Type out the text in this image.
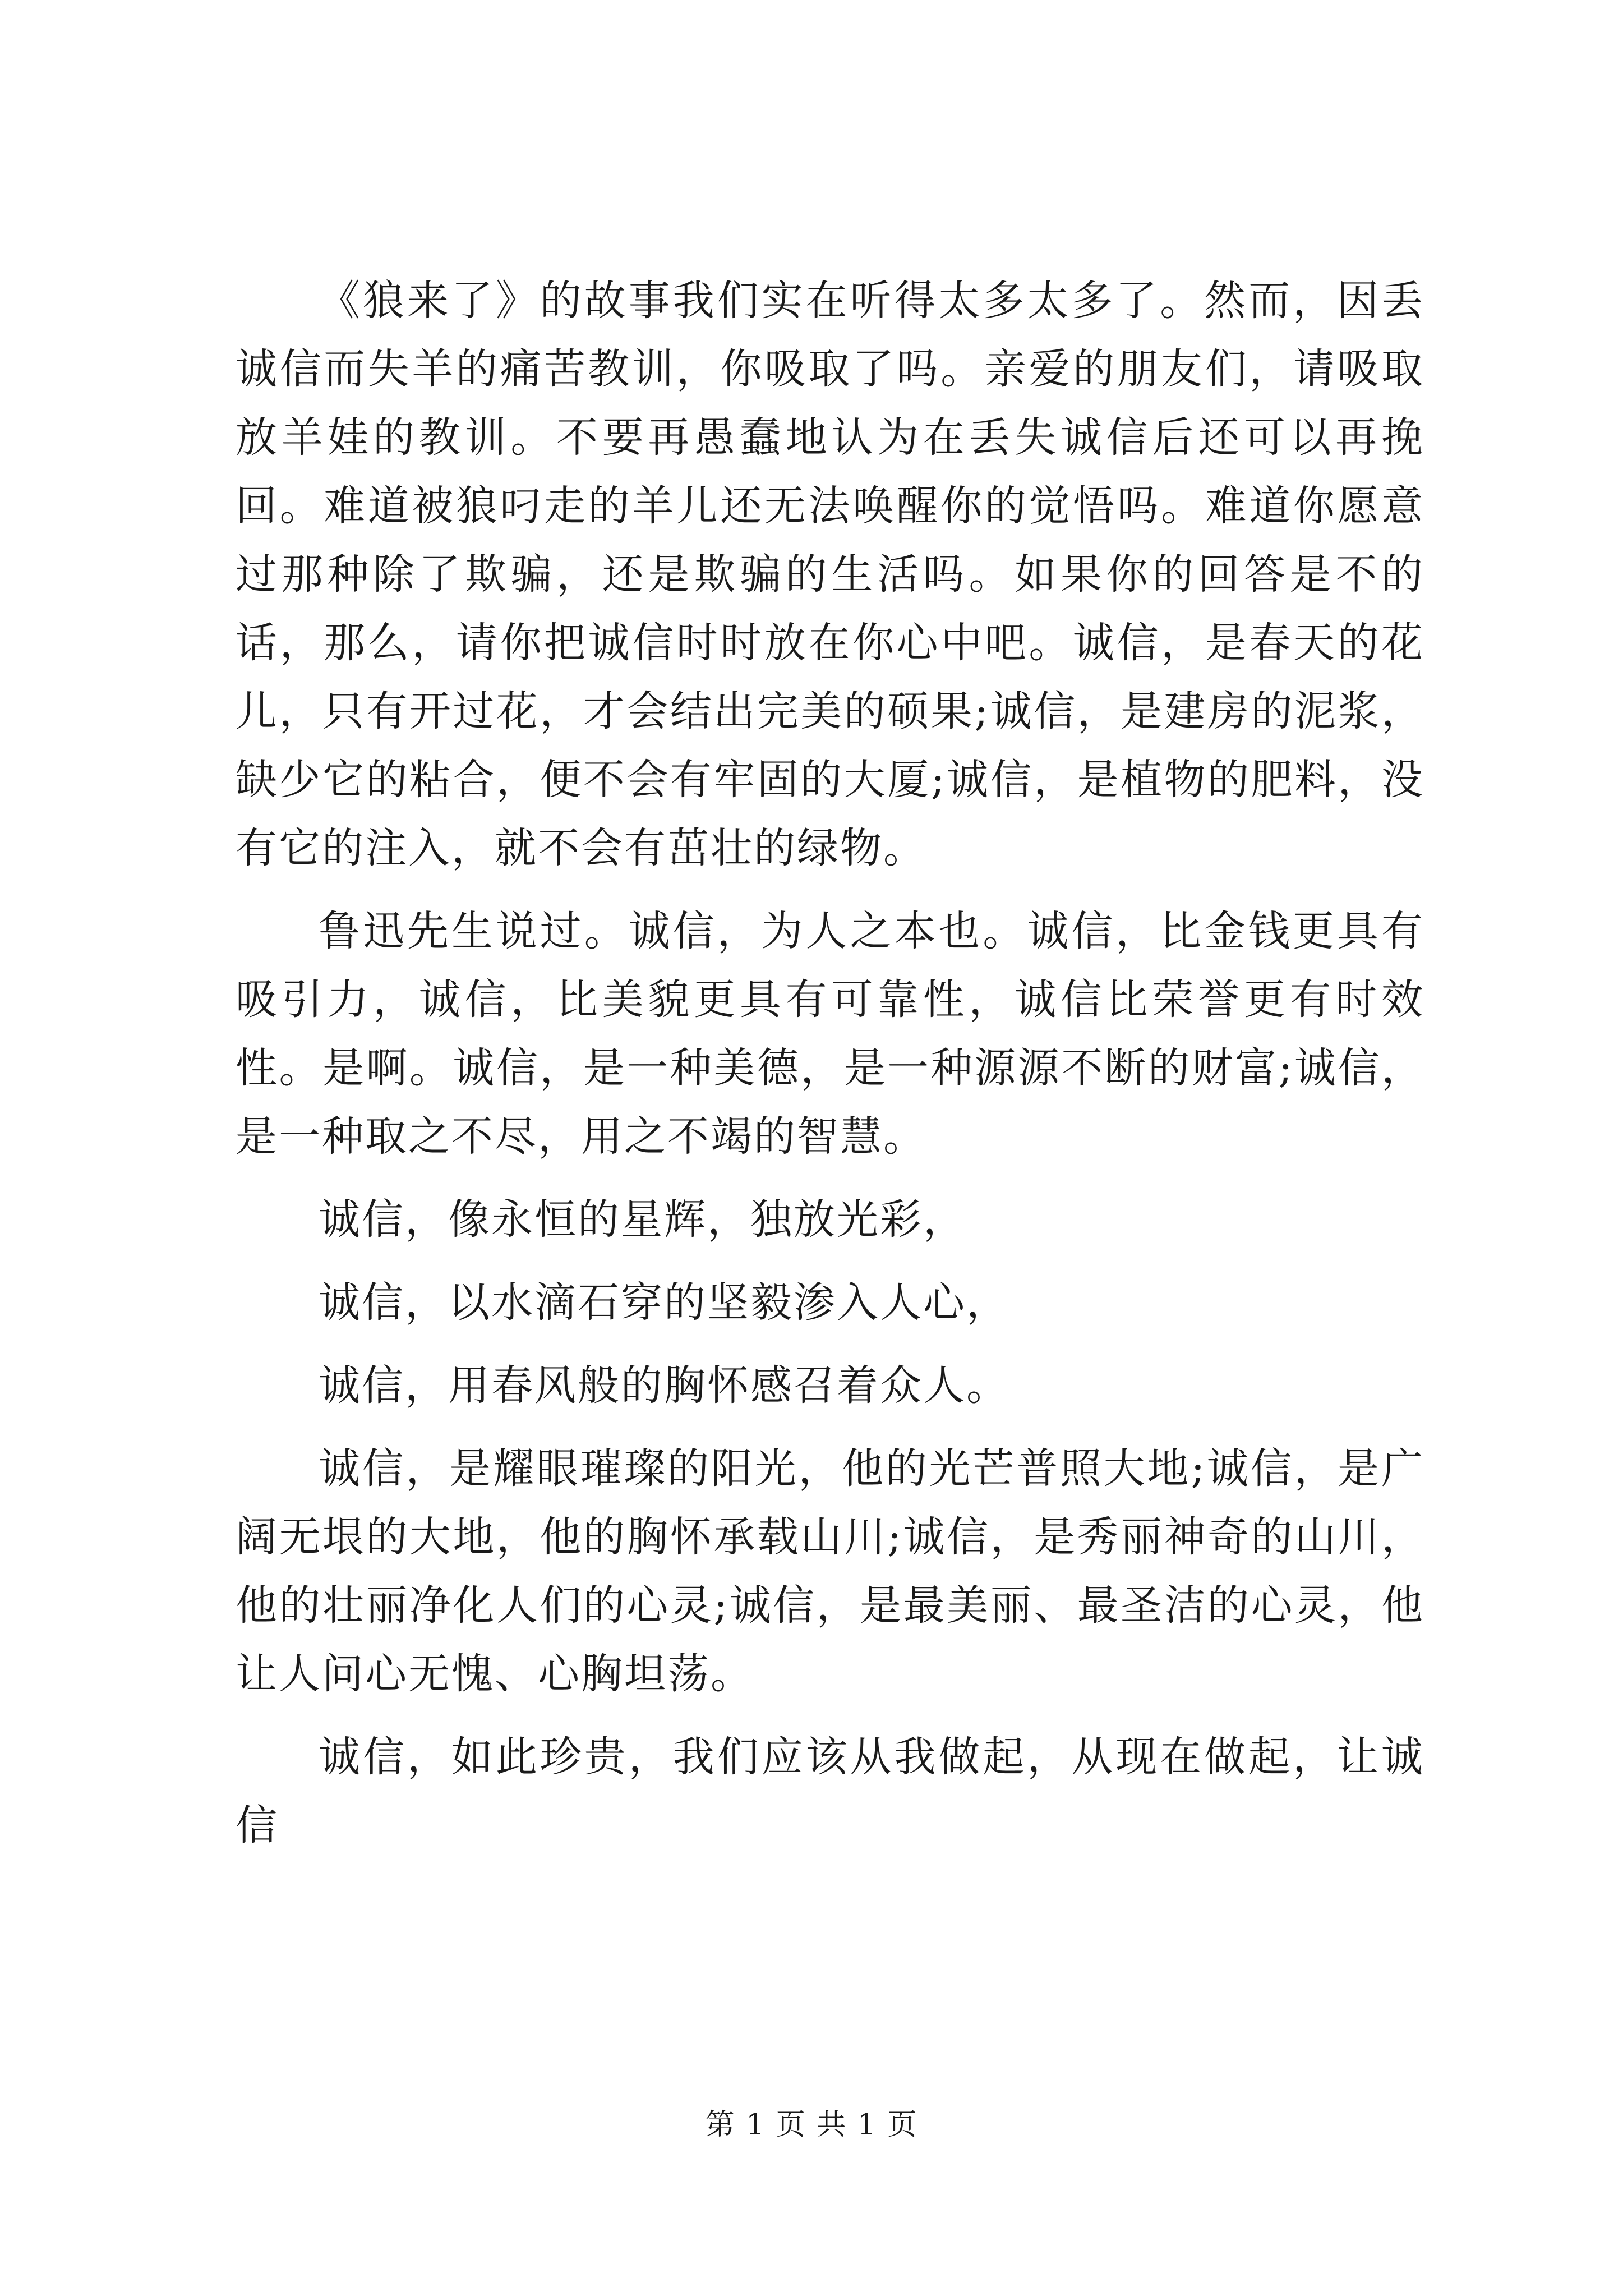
《狼来了》的故事我们实在听得太多太多了。然而，因丢诚信而失羊的痛苦教训，你吸取了吗。亲爱的朋友们，请吸取放羊娃的教训。不要再愚蠢地认为在丢失诚信后还可以再挽回。难道被狼叼走的羊儿还无法唤醒你的觉悟吗。难道你愿意过那种除了欺骗，还是欺骗的生活吗。如果你的回答是不的话，那么，请你把诚信时时放在你心中吧。诚信，是春天的花儿，只有开过花，才会结出完美的硕果;诚信，是建房的泥浆，缺少它的粘合，便不会有牢固的大厦;诚信，是植物的肥料，没有它的注入，就不会有茁壮的绿物。

鲁迅先生说过。诚信，为人之本也。诚信，比金钱更具有吸引力，诚信，比美貌更具有可靠性，诚信比荣誉更有时效性。是啊。诚信，是一种美德，是一种源源不断的财富;诚信，是一种取之不尽，用之不竭的智慧。

诚信，像永恒的星辉，独放光彩，

诚信，以水滴石穿的坚毅渗入人心，

诚信，用春风般的胸怀感召着众人。

诚信，是耀眼璀璨的阳光，他的光芒普照大地;诚信，是广阔无垠的大地，他的胸怀承载山川;诚信，是秀丽神奇的山川，他的壮丽净化人们的心灵;诚信，是最美丽、最圣洁的心灵，他让人问心无愧、心胸坦荡。

诚信，如此珍贵，我们应该从我做起，从现在做起，让诚信

第 1 页 共 1 页
